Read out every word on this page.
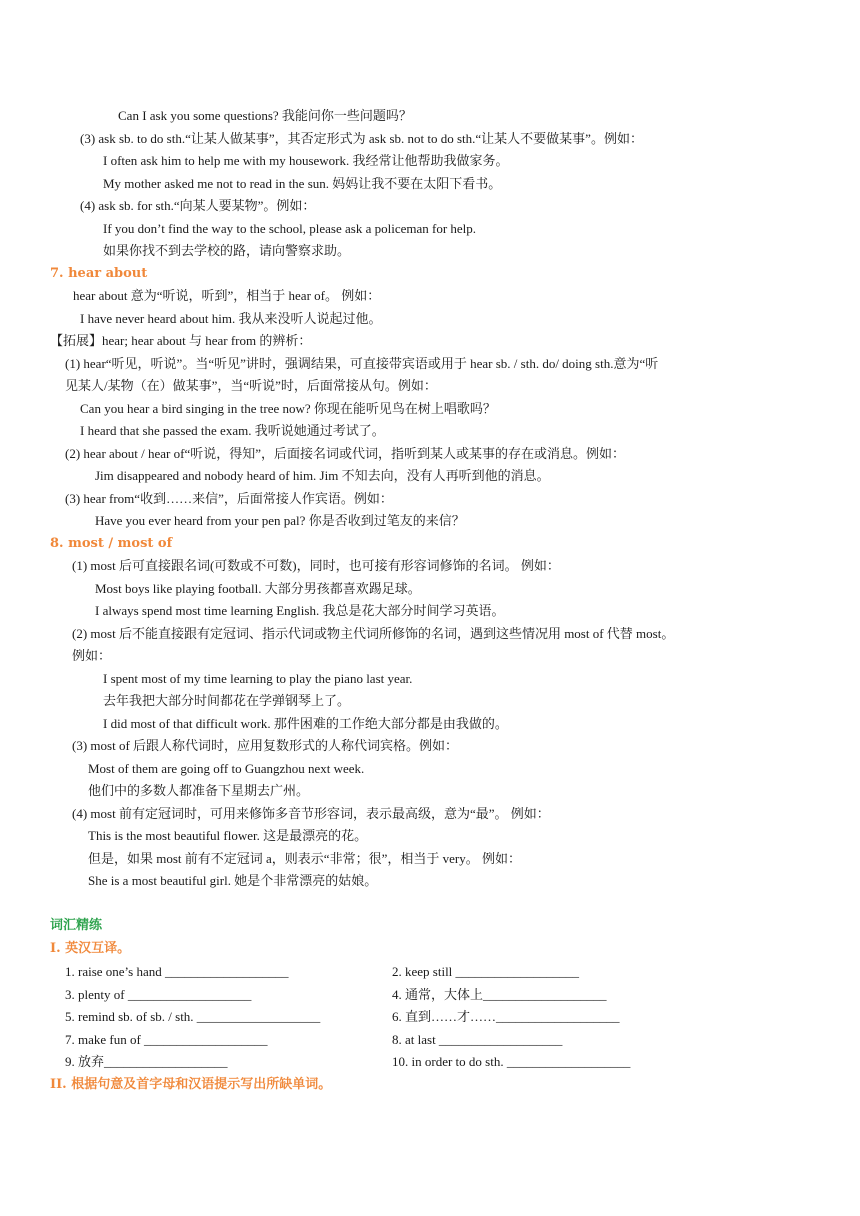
Can I ask you some questions? 我能问你一些问题吗？
(3) ask sb. to do sth.“让某人做某事”，其否定形式为 ask sb. not to do sth.“让某人不要做某事”。例如：
I often ask him to help me with my housework. 我经常让他帮助我做家务。
My mother asked me not to read in the sun. 妈妈让我不要在太阳下看书。
(4) ask sb. for sth.“向某人要某物”。例如：
If you don’t find the way to the school, please ask a policeman for help.
如果你找不到去学校的路，请向警察求助。
7. hear about
hear about 意为“听说，听到”，相当于 hear of。 例如：
I have never heard about him. 我从来没听人说起过他。
【拓展】hear; hear about 与 hear from 的辨析：
(1) hear“听见，听说”。当“听见”讲时，强调结果，可直接带宾语或用于 hear sb. / sth. do/ doing sth.意为“听
见某人/某物（在）做某事”，当“听说”时，后面常接从句。例如：
Can you hear a bird singing in the tree now? 你现在能听见鸟在树上唱歌吗？
I heard that she passed the exam. 我听说她通过考试了。
(2) hear about / hear of“听说，得知”，后面接名词或代词，指听到某人或某事的存在或消息。例如：
Jim disappeared and nobody heard of him. Jim 不知去向，没有人再听到他的消息。
(3) hear from“收到……来信”，后面常接人作宾语。例如：
Have you ever heard from your pen pal? 你是否收到过笔友的来信？
8. most / most of
(1) most 后可直接跟名词(可数或不可数)，同时，也可接有形容词修饰的名词。 例如：
Most boys like playing football. 大部分男孩都喜欢踢足球。
I always spend most time learning English. 我总是花大部分时间学习英语。
(2) most 后不能直接跟有定冠词、指示代词或物主代词所修饰的名词，遇到这些情况用 most of 代替 most。
例如：
I spent most of my time learning to play the piano last year.
去年我把大部分时间都花在学弹钢琴上了。
I did most of that difficult work. 那件困难的工作绝大部分都是由我做的。
(3) most of 后跟人称代词时，应用复数形式的人称代词宾格。例如：
Most of them are going off to Guangzhou next week.
他们中的多数人都准备下星期去广州。
(4) most 前有定冠词时，可用来修饰多音节形容词，表示最高级，意为“最”。 例如：
This is the most beautiful flower. 这是最漂亮的花。
但是，如果 most 前有不定冠词 a，则表示“非常；很”，相当于 very。 例如：
She is a most beautiful girl. 她是个非常漂亮的姑娘。
词汇精练
I. 英汉互译。
1. raise one’s hand ___________________	2. keep still ___________________
3. plenty of ___________________	4. 通常，大体上___________________
5. remind sb. of sb. / sth. ___________________	6. 直到……才……___________________
7. make fun of ___________________	8. at last ___________________
9. 放弃___________________	10. in order to do sth. ___________________
II. 根据句意及首字母和汉语提示写出所缺单词。
